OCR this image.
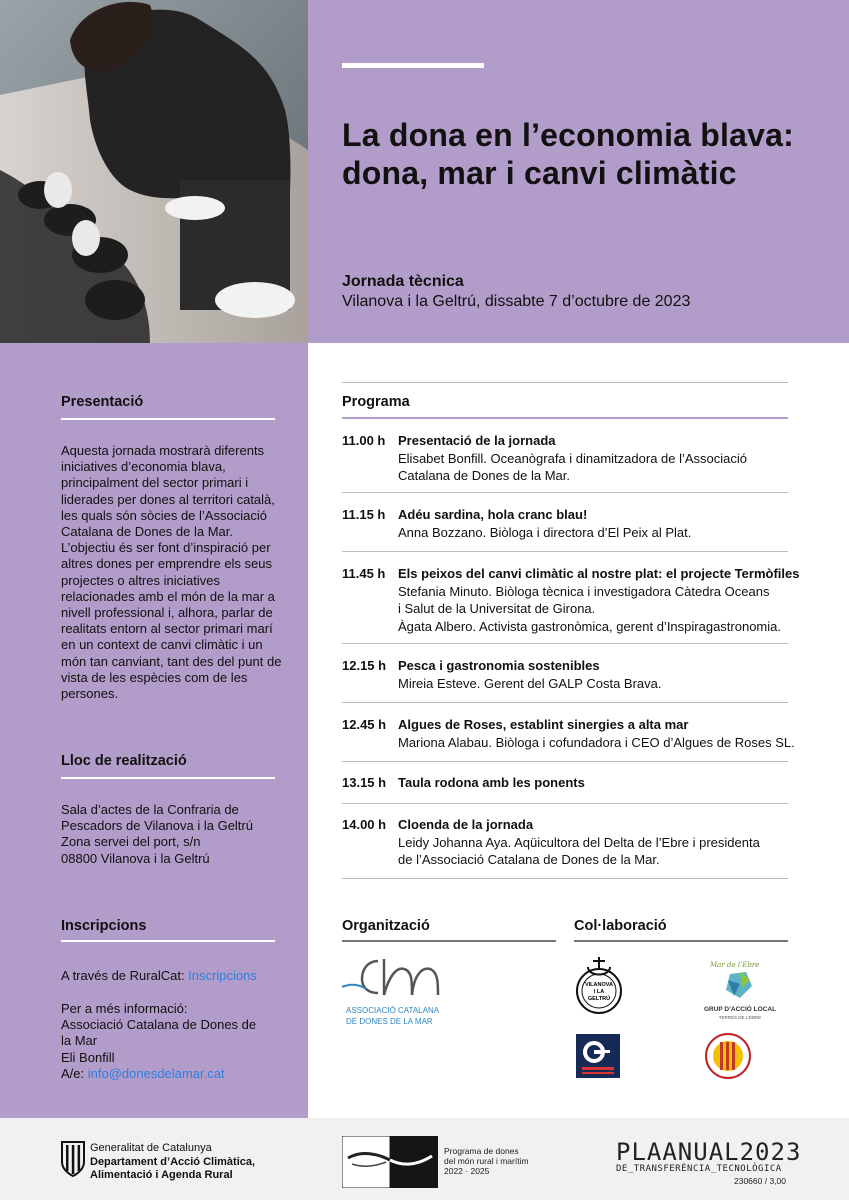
La dona en l’economia blava: dona, mar i canvi climàtic
Jornada tècnica
Vilanova i la Geltrú, dissabte 7 d’octubre de 2023
Presentació

Aquesta jornada mostrarà diferents iniciatives d’economia blava, principalment del sector primari i liderades per dones al territori català, les quals són sòcies de l’Associació Catalana de Dones de la Mar. L’objectiu és ser font d’inspiració per altres dones per emprendre els seus projectes o altres iniciatives relacionades amb el món de la mar a nivell professional i, alhora, parlar de realitats entorn al sector primari marí en un context de canvi climàtic i un món tan canviant, tant des del punt de vista de les espècies com de les persones.

Lloc de realització
Sala d’actes de la Confraria de
Pescadors de Vilanova i la Geltrú
Zona servei del port, s/n
08800 Vilanova i la Geltrú
Inscripcions
A través de RuralCat: Inscripcions
Per a més informació:
Associació Catalana de Dones de
la Mar
Eli Bonfill
A/e: info@donesdelamar.cat
Programa
11.00 h Presentació de la jornada
Elisabet Bonfill. Oceanògrafa i dinamitzadora de l’Associació
Catalana de Dones de la Mar.
11.15 h Adéu sardina, hola cranc blau!
Anna Bozzano. Biòloga i directora d’El Peix al Plat.
11.45 h Els peixos del canvi climàtic al nostre plat: el projecte Termòfiles
Stefania Minuto. Biòloga tècnica i investigadora Càtedra Oceans
i Salut de la Universitat de Girona.
Àgata Albero. Activista gastronòmica, gerent d’Inspiragastronomia.
12.15 h Pesca i gastronomia sostenibles
Mireia Esteve. Gerent del GALP Costa Brava.
12.45 h Algues de Roses, establint sinergies a alta mar
Mariona Alabau. Biòloga i cofundadora i CEO d’Algues de Roses SL.
13.15 h Taula rodona amb les ponents
14.00 h Cloenda de la jornada
Leidy Johanna Aya. Aqüicultora del Delta de l’Ebre i presidenta
de l’Associació Catalana de Dones de la Mar.
Organització	Col·laboració
ASSOCIACIÓ CATALANA
DE DONES DE LA MAR
VILANOVA
I LA
GELTRÚ
Mar de l’Ebre
GRUP D’ACCIÓ LOCAL
TERRES DE L’EBRE
Generalitat de Catalunya
Departament d’Acció Climàtica,
Alimentació i Agenda Rural
Programa de dones
del món rural i marítim
2022 · 2025
PLAANUAL2023
DE_TRANSFERÈNCIA_TECNOLÒGICA
230660 / 3,00
